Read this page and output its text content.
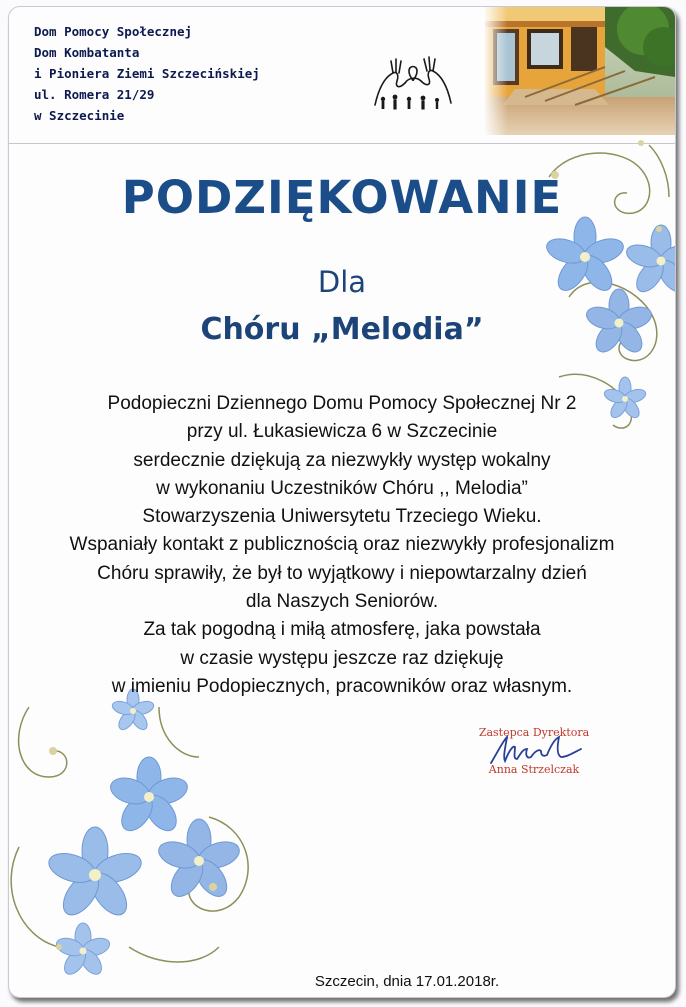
Dom Pomocy Społecznej
Dom Kombatanta
i Pioniera Ziemi Szczecińskiej
ul. Romera 21/29
w Szczecinie
PODZIĘKOWANIE
Dla
Chóru „Melodia”
Podopieczni Dziennego Domu Pomocy Społecznej Nr 2
przy ul. Łukasiewicza 6 w Szczecinie
serdecznie dziękują za niezwykły występ wokalny
w wykonaniu Uczestników Chóru ,, Melodia”
Stowarzyszenia Uniwersytetu Trzeciego Wieku.
Wspaniały kontakt z publicznością oraz niezwykły profesjonalizm
Chóru sprawiły, że był to wyjątkowy i niepowtarzalny dzień
dla Naszych Seniorów.
Za tak pogodną i miłą atmosferę, jaka powstała
w czasie występu jeszcze raz dziękuję
w imieniu Podopiecznych, pracowników oraz własnym.
Zastępca Dyrektora
Anna Strzelczak
Szczecin, dnia 17.01.2018r.
